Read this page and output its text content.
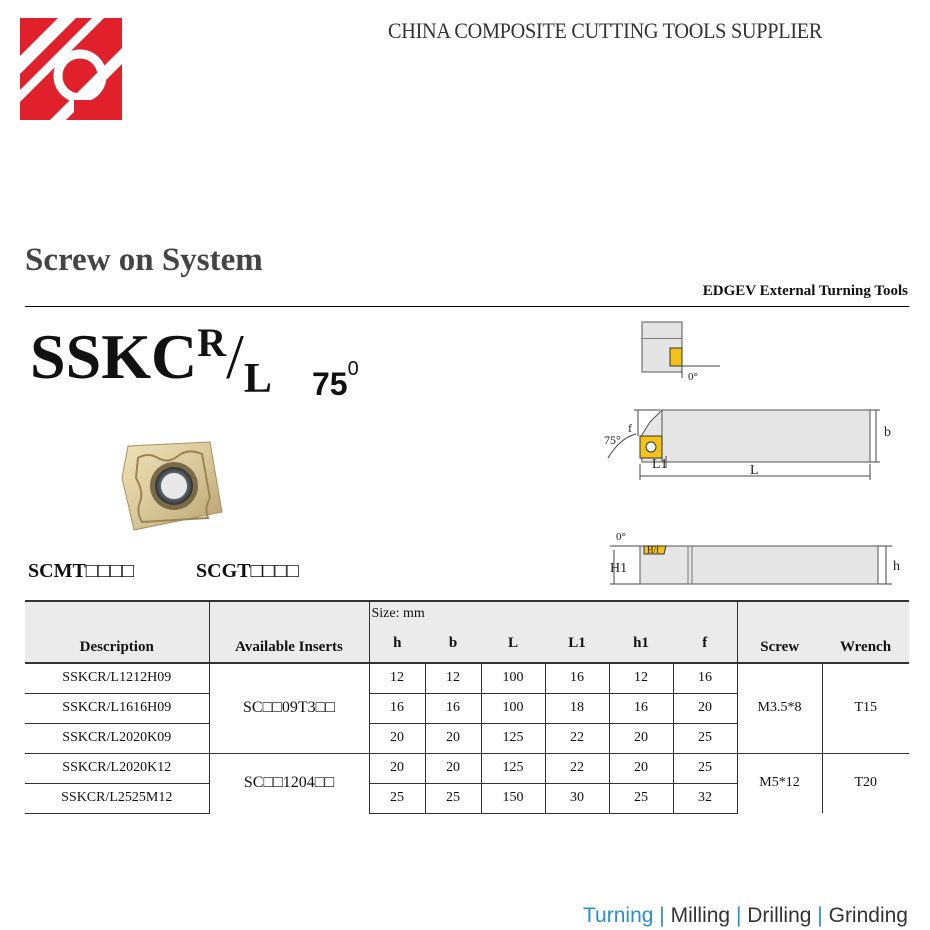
CHINA COMPOSITE CUTTING TOOLS SUPPLIER
Screw on System
EDGEV External Turning Tools
$SSKC^R/_L$ $75^0$
SCMT□□□□	SCGT□□□□
0°
b
L
L1
f
75°
0°
H/f
H1	h
Description	Available Inserts	Size: mm						Screw	Wrench
		h	b	L	L1	h1	f		
SSKCR/L1212H09	SC□□09T3□□	12	12	100	16	12	16	M3.5*8	T15
SSKCR/L1616H09		16	16	100	18	16	20		
SSKCR/L2020K09		20	20	125	22	20	25		
SSKCR/L2020K12	SC□□1204□□	20	20	125	22	20	25	M5*12	T20
SSKCR/L2525M12		25	25	150	30	25	32		
Turning | Milling | Drilling | Grinding
